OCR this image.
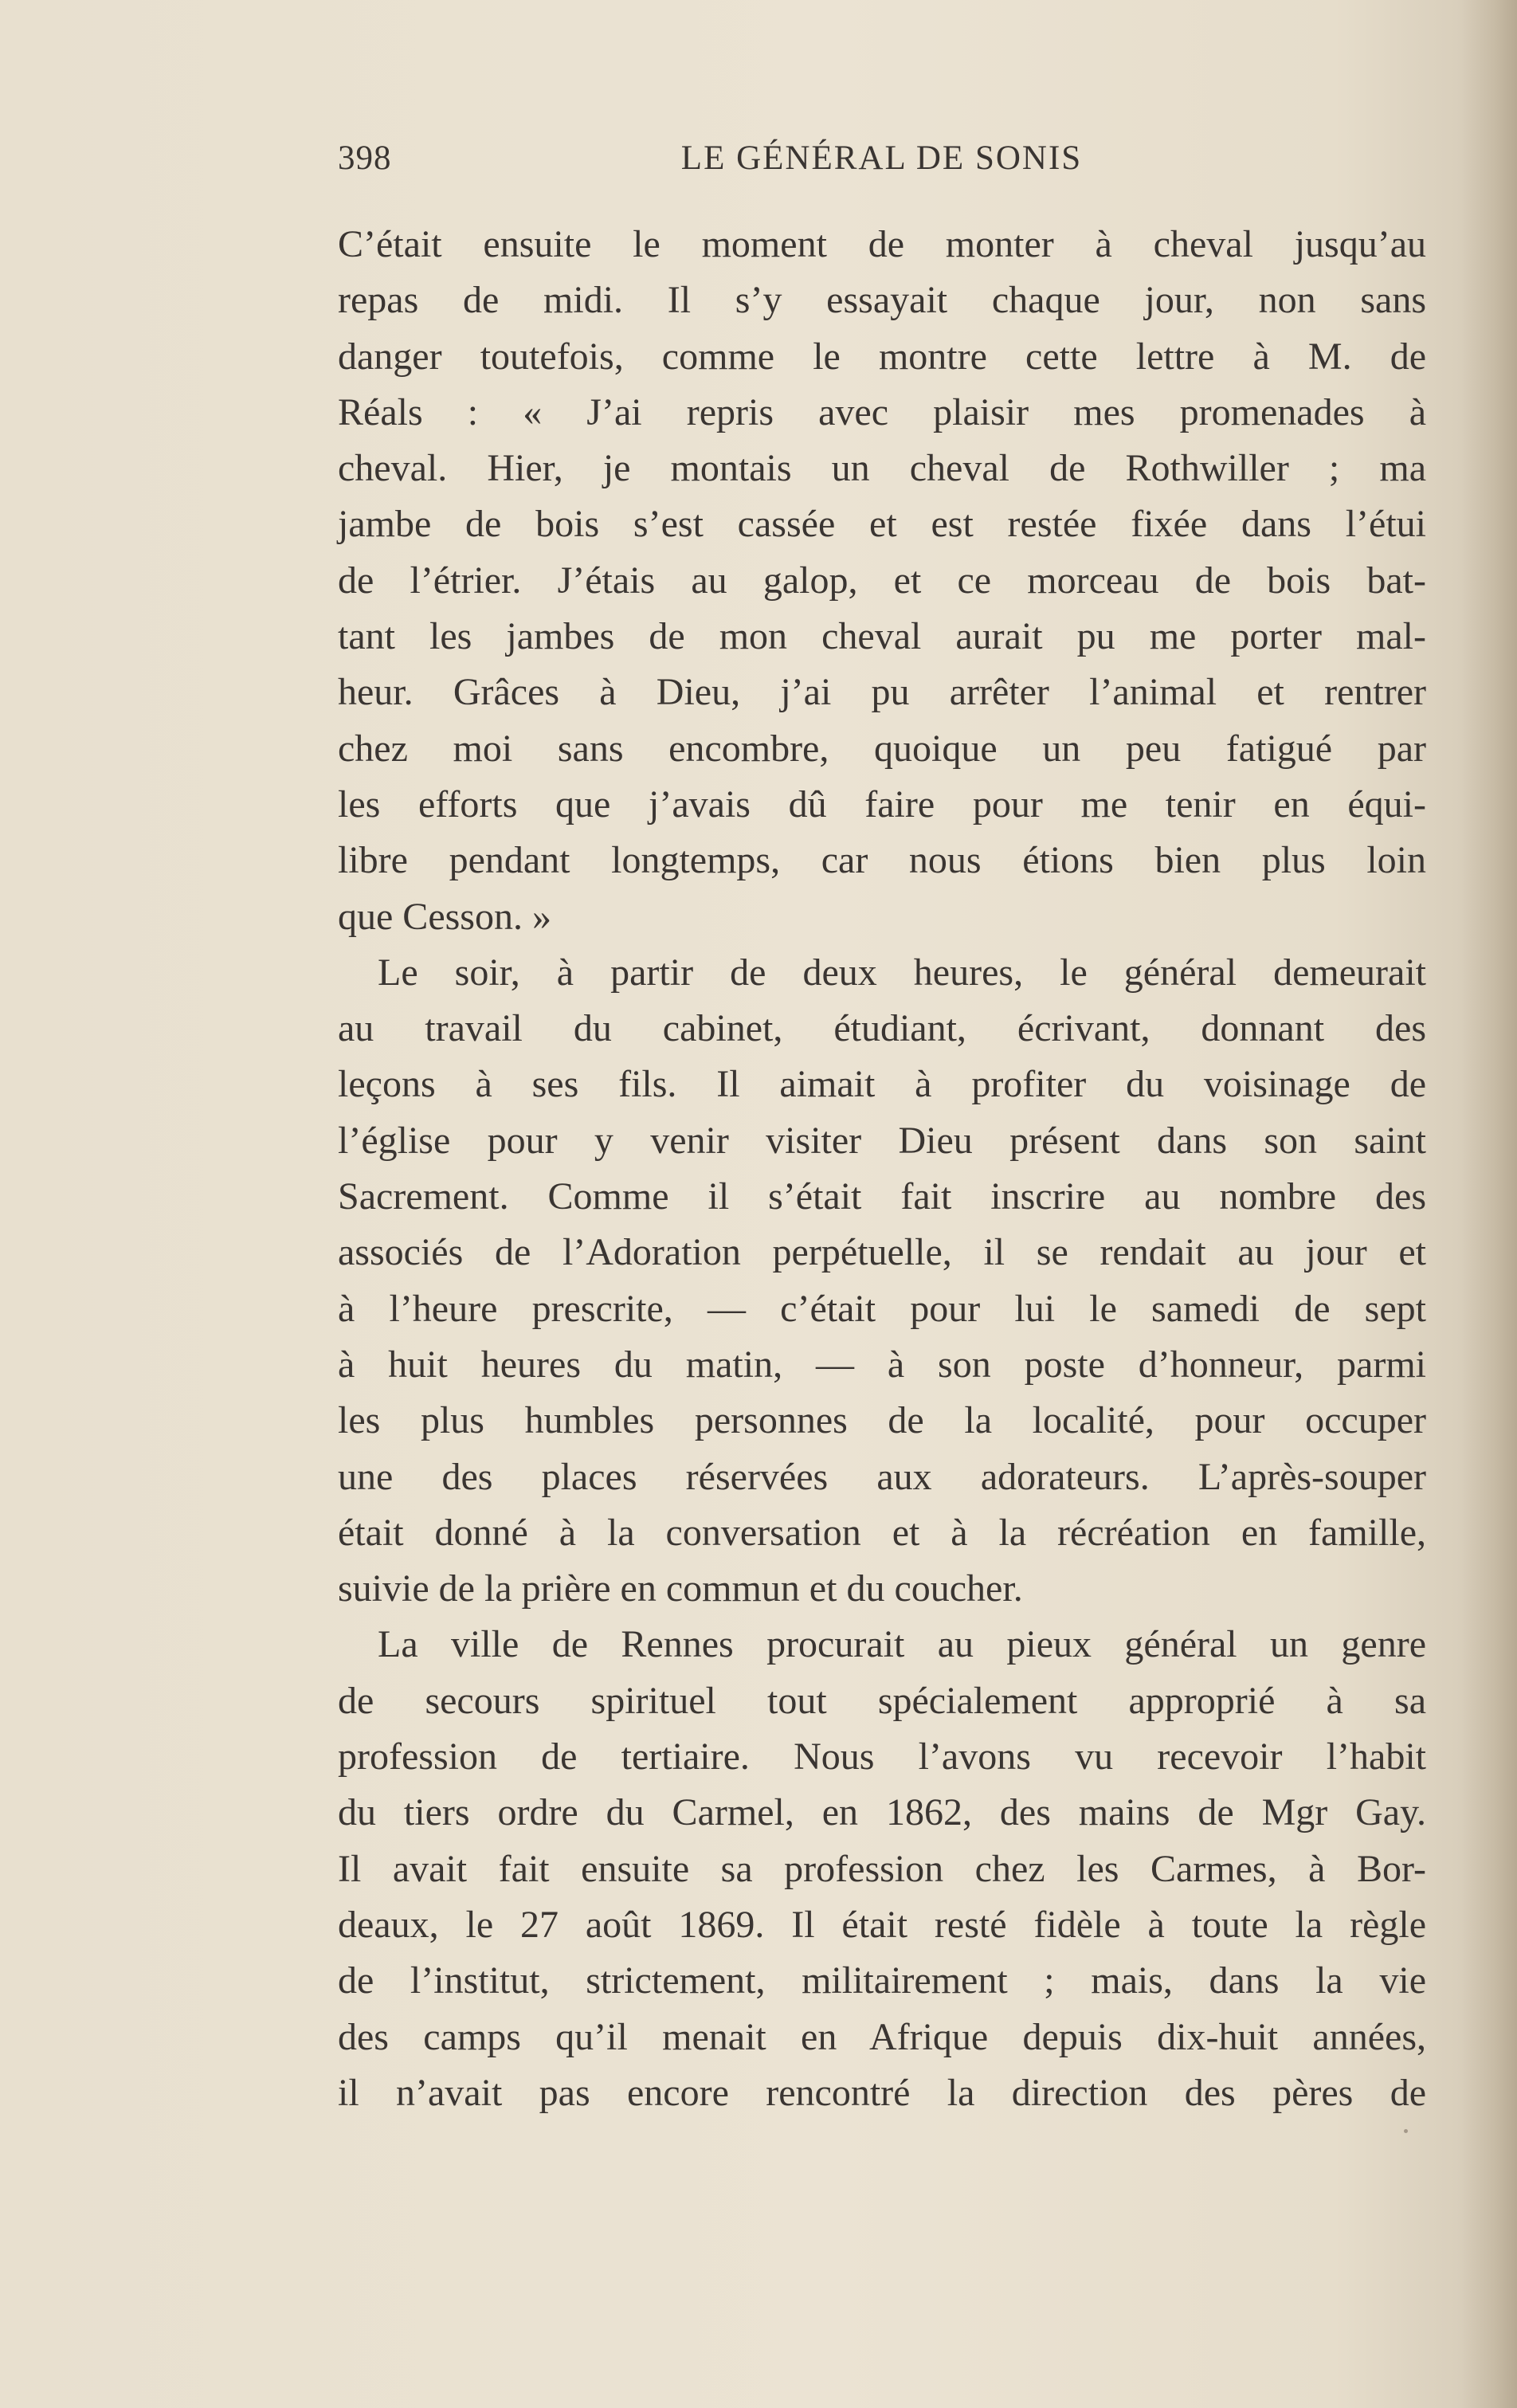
398	LE GÉNÉRAL DE SONIS

C’était ensuite le moment de monter à cheval jusqu’au
repas de midi. Il s’y essayait chaque jour, non sans
danger toutefois, comme le montre cette lettre à M. de
Réals : « J’ai repris avec plaisir mes promenades à
cheval. Hier, je montais un cheval de Rothwiller ; ma
jambe de bois s’est cassée et est restée fixée dans l’étui
de l’étrier. J’étais au galop, et ce morceau de bois bat-
tant les jambes de mon cheval aurait pu me porter mal-
heur. Grâces à Dieu, j’ai pu arrêter l’animal et rentrer
chez moi sans encombre, quoique un peu fatigué par
les efforts que j’avais dû faire pour me tenir en équi-
libre pendant longtemps, car nous étions bien plus loin
que Cesson. »

Le soir, à partir de deux heures, le général demeurait
au travail du cabinet, étudiant, écrivant, donnant des
leçons à ses fils. Il aimait à profiter du voisinage de
l’église pour y venir visiter Dieu présent dans son saint
Sacrement. Comme il s’était fait inscrire au nombre des
associés de l’Adoration perpétuelle, il se rendait au jour et
à l’heure prescrite, — c’était pour lui le samedi de sept
à huit heures du matin, — à son poste d’honneur, parmi
les plus humbles personnes de la localité, pour occuper
une des places réservées aux adorateurs. L’après-souper
était donné à la conversation et à la récréation en famille,
suivie de la prière en commun et du coucher.

La ville de Rennes procurait au pieux général un genre
de secours spirituel tout spécialement approprié à sa
profession de tertiaire. Nous l’avons vu recevoir l’habit
du tiers ordre du Carmel, en 1862, des mains de Mgr Gay.
Il avait fait ensuite sa profession chez les Carmes, à Bor-
deaux, le 27 août 1869. Il était resté fidèle à toute la règle
de l’institut, strictement, militairement ; mais, dans la vie
des camps qu’il menait en Afrique depuis dix-huit années,
il n’avait pas encore rencontré la direction des pères de
